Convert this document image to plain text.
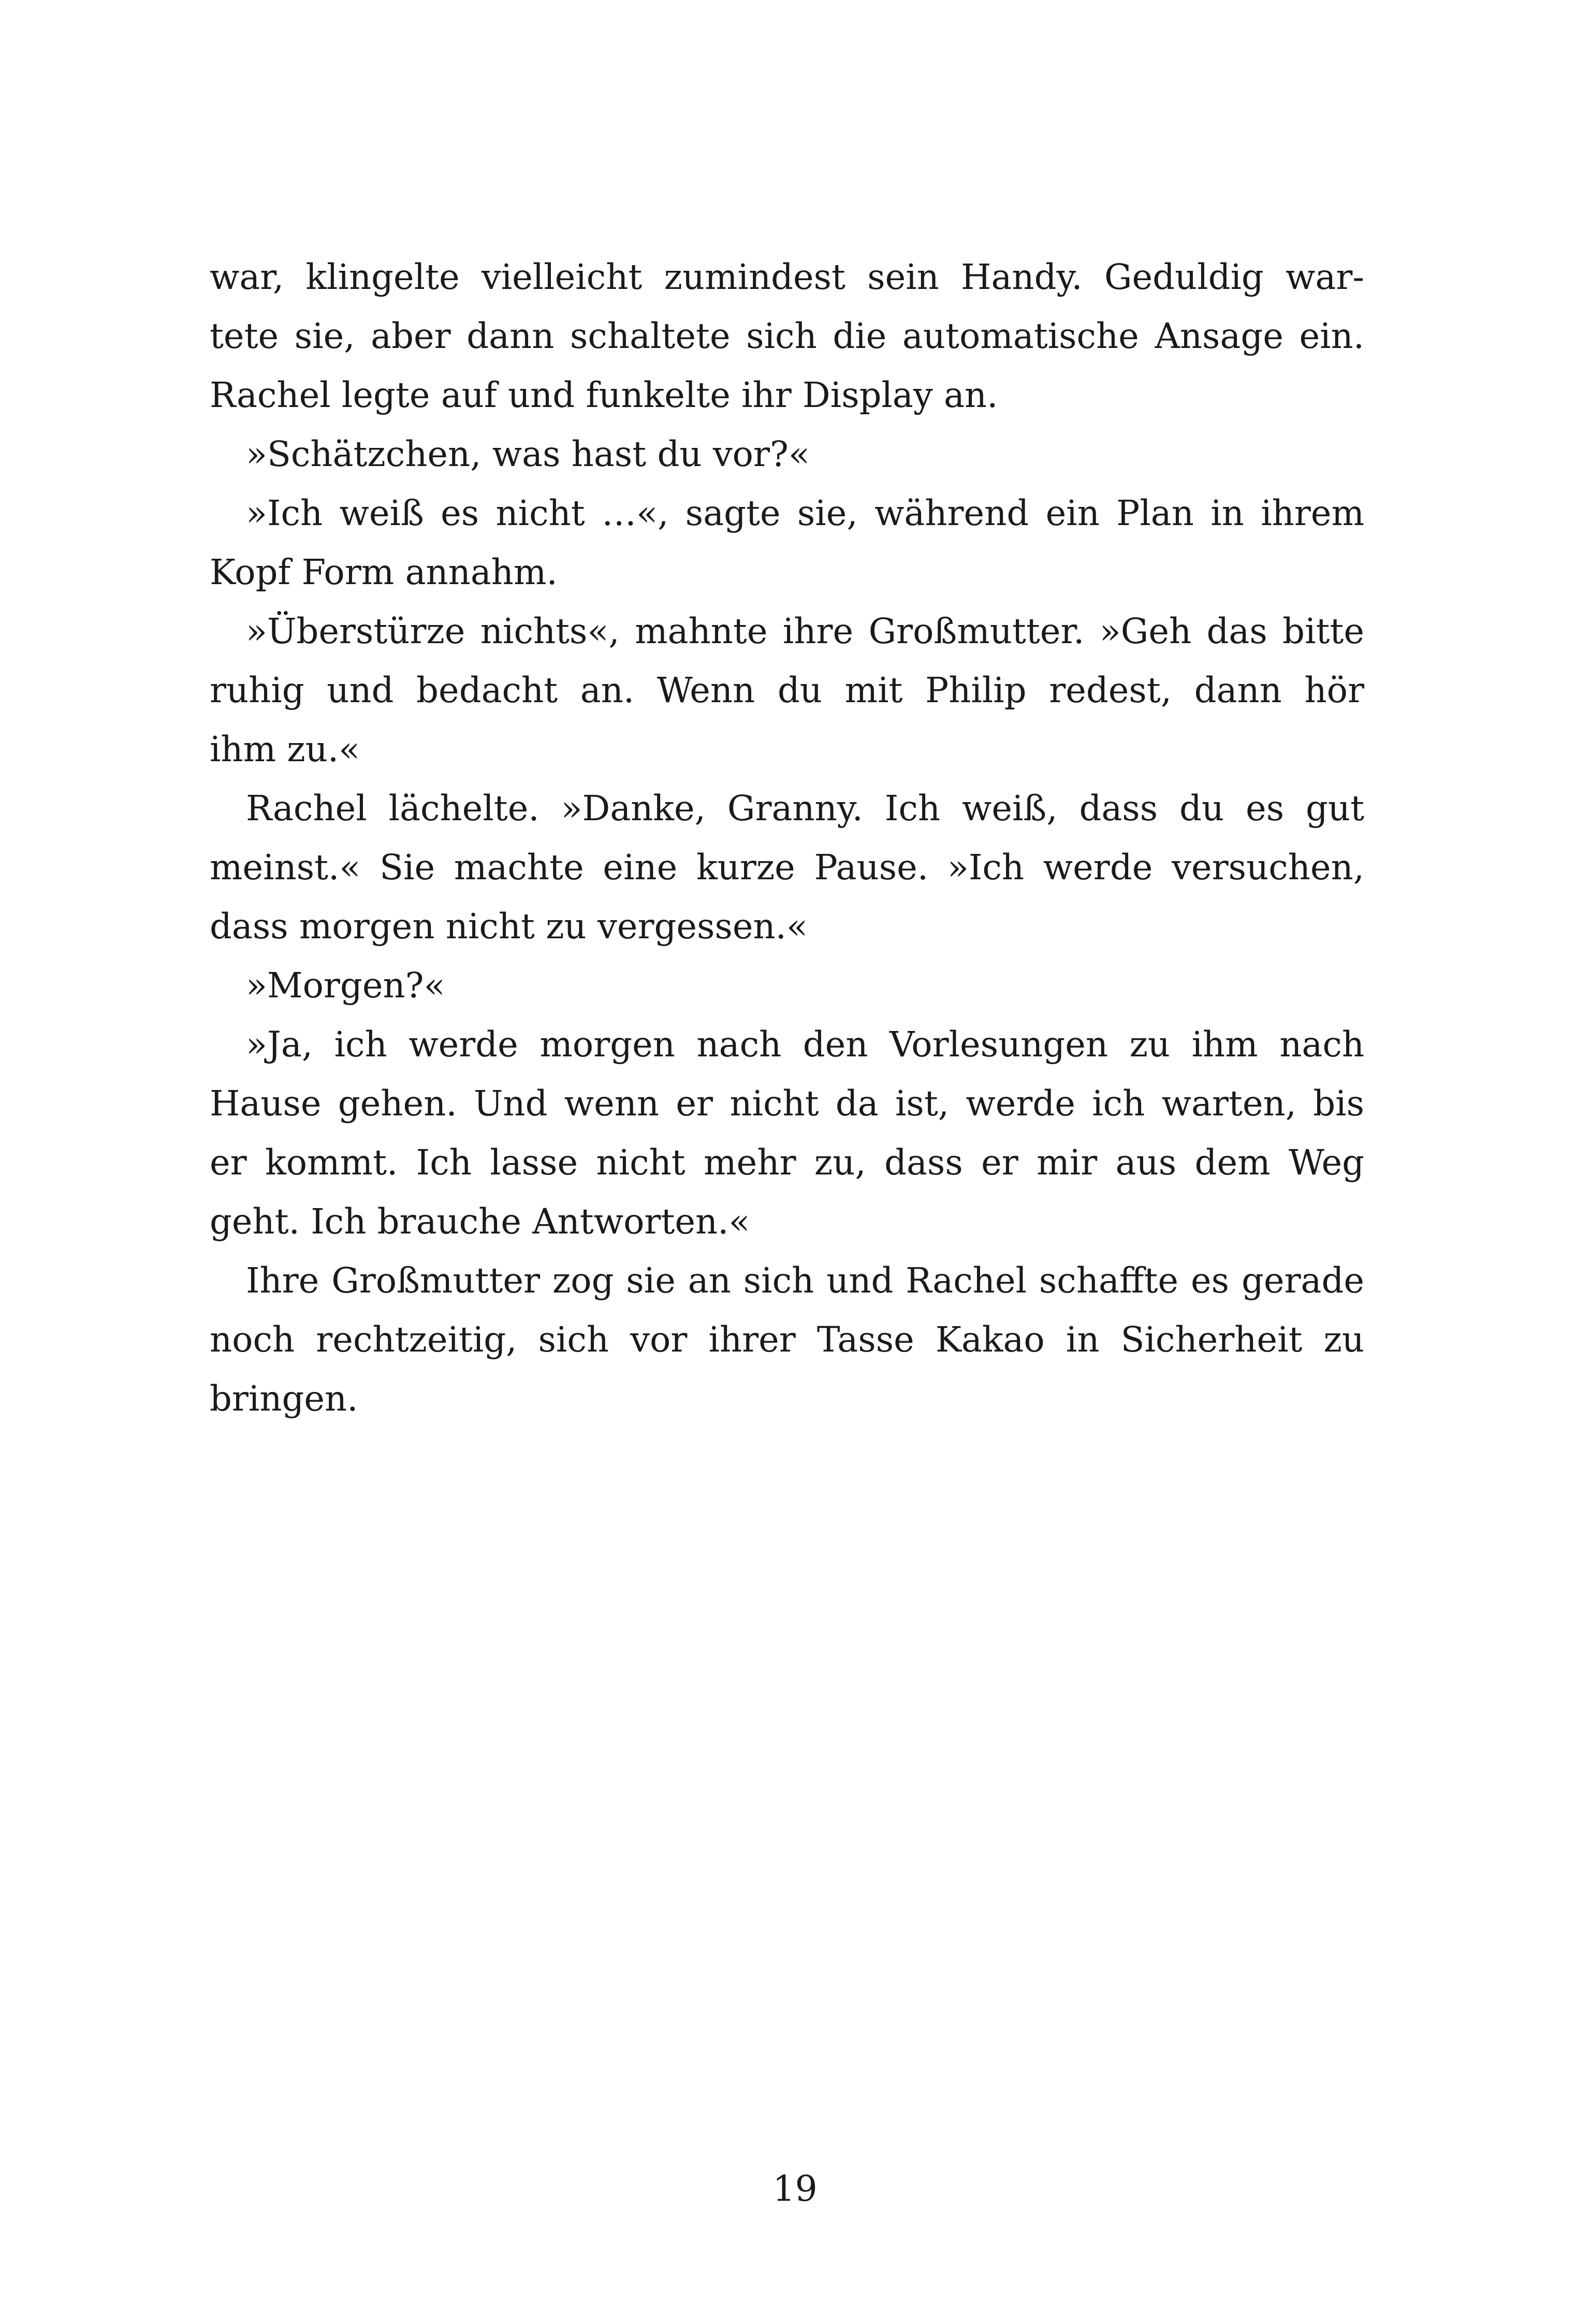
war, klingelte vielleicht zumindest sein Handy. Geduldig war-
tete sie, aber dann schaltete sich die automatische Ansage ein.
Rachel legte auf und funkelte ihr Display an.
»Schätzchen, was hast du vor?«
»Ich weiß es nicht …«, sagte sie, während ein Plan in ihrem
Kopf Form annahm.
»Überstürze nichts«, mahnte ihre Großmutter. »Geh das bitte
ruhig und bedacht an. Wenn du mit Philip redest, dann hör
ihm zu.«
Rachel lächelte. »Danke, Granny. Ich weiß, dass du es gut
meinst.« Sie machte eine kurze Pause. »Ich werde versuchen,
dass morgen nicht zu vergessen.«
»Morgen?«
»Ja, ich werde morgen nach den Vorlesungen zu ihm nach
Hause gehen. Und wenn er nicht da ist, werde ich warten, bis
er kommt. Ich lasse nicht mehr zu, dass er mir aus dem Weg
geht. Ich brauche Antworten.«
Ihre Großmutter zog sie an sich und Rachel schaffte es gerade
noch rechtzeitig, sich vor ihrer Tasse Kakao in Sicherheit zu
bringen.
19
